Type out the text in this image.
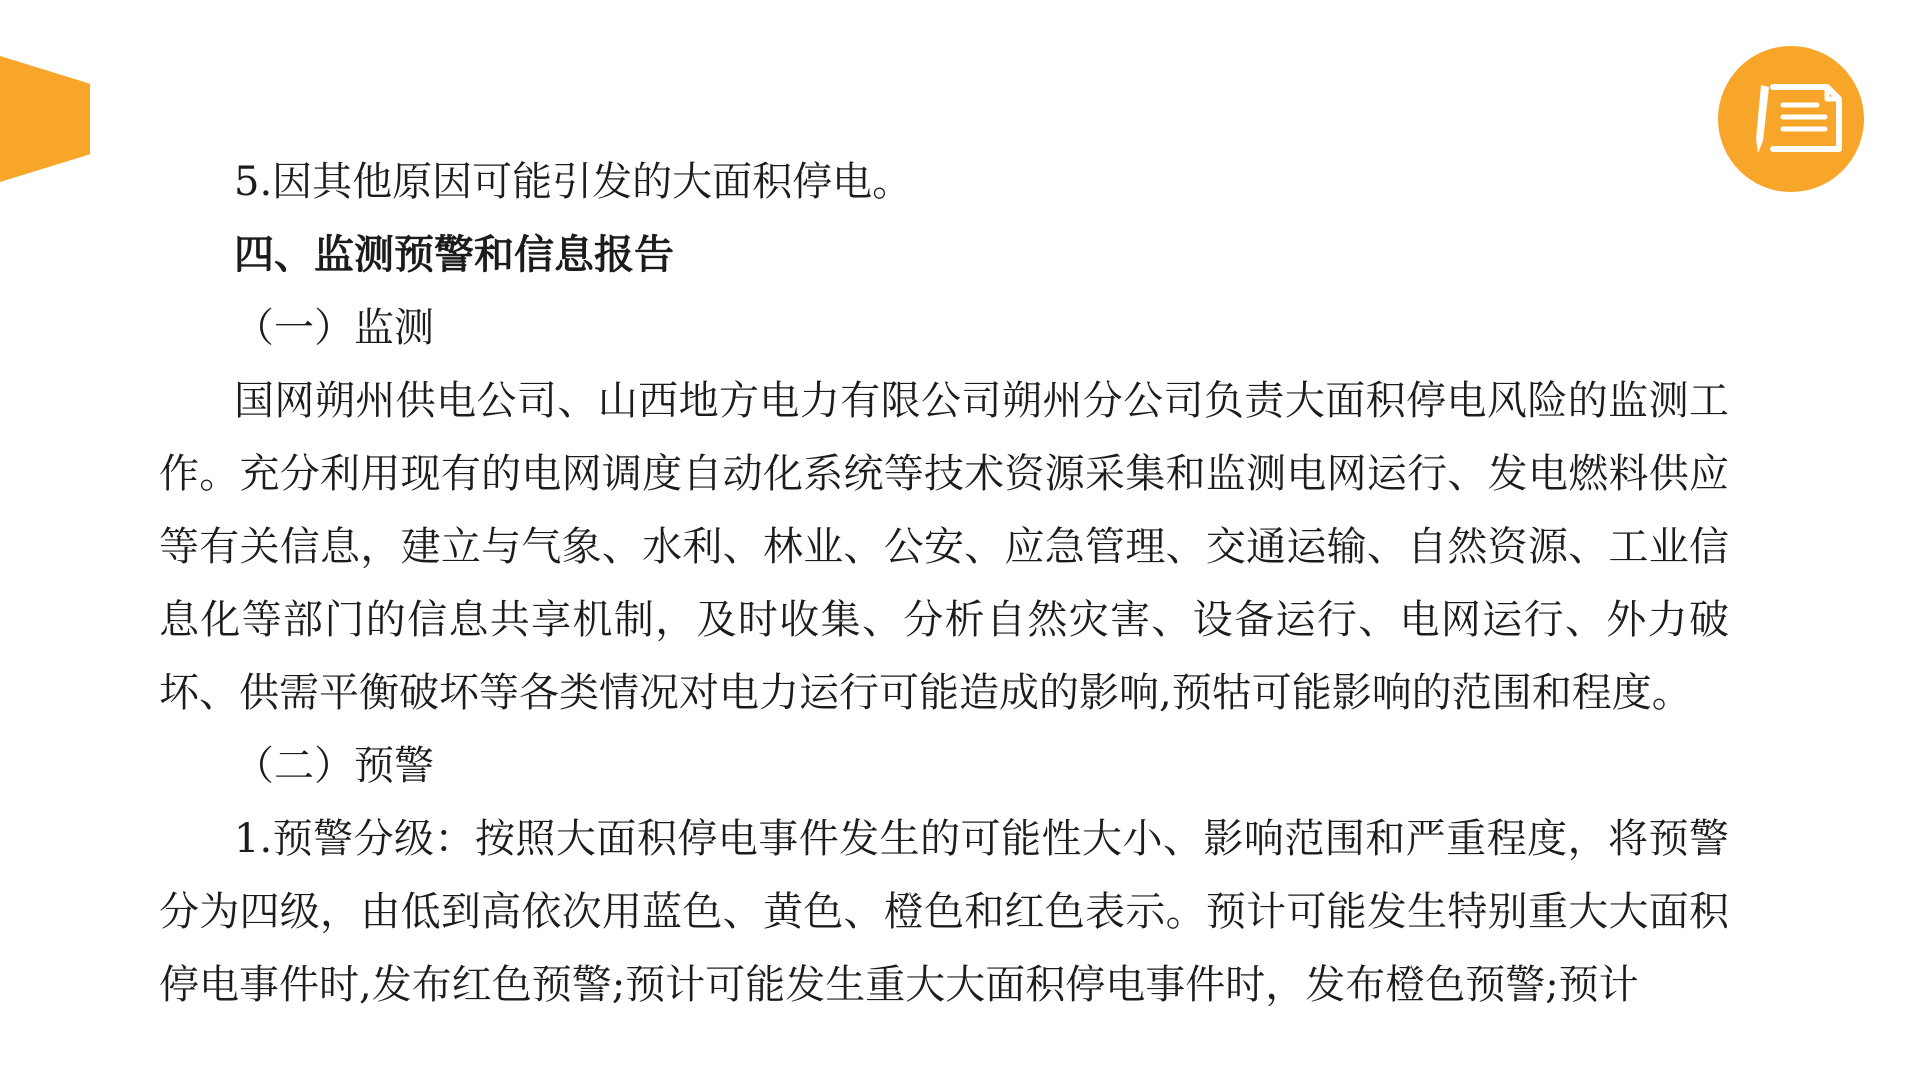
5.因其他原因可能引发的大面积停电。

四、监测预警和信息报告

（一）监测

国网朔州供电公司、山西地方电力有限公司朔州分公司负责大面积停电风险的监测工作。充分利用现有的电网调度自动化系统等技术资源采集和监测电网运行、发电燃料供应等有关信息，建立与气象、水利、林业、公安、应急管理、交通运输、自然资源、工业信息化等部门的信息共享机制，及时收集、分析自然灾害、设备运行、电网运行、外力破坏、供需平衡破坏等各类情况对电力运行可能造成的影响,预牯可能影响的范围和程度。

（二）预警

1.预警分级：按照大面积停电事件发生的可能性大小、影响范围和严重程度，将预警分为四级，由低到高依次用蓝色、黄色、橙色和红色表示。预计可能发生特别重大大面积停电事件时,发布红色预警;预计可能发生重大大面积停电事件时，发布橙色预警;预计
